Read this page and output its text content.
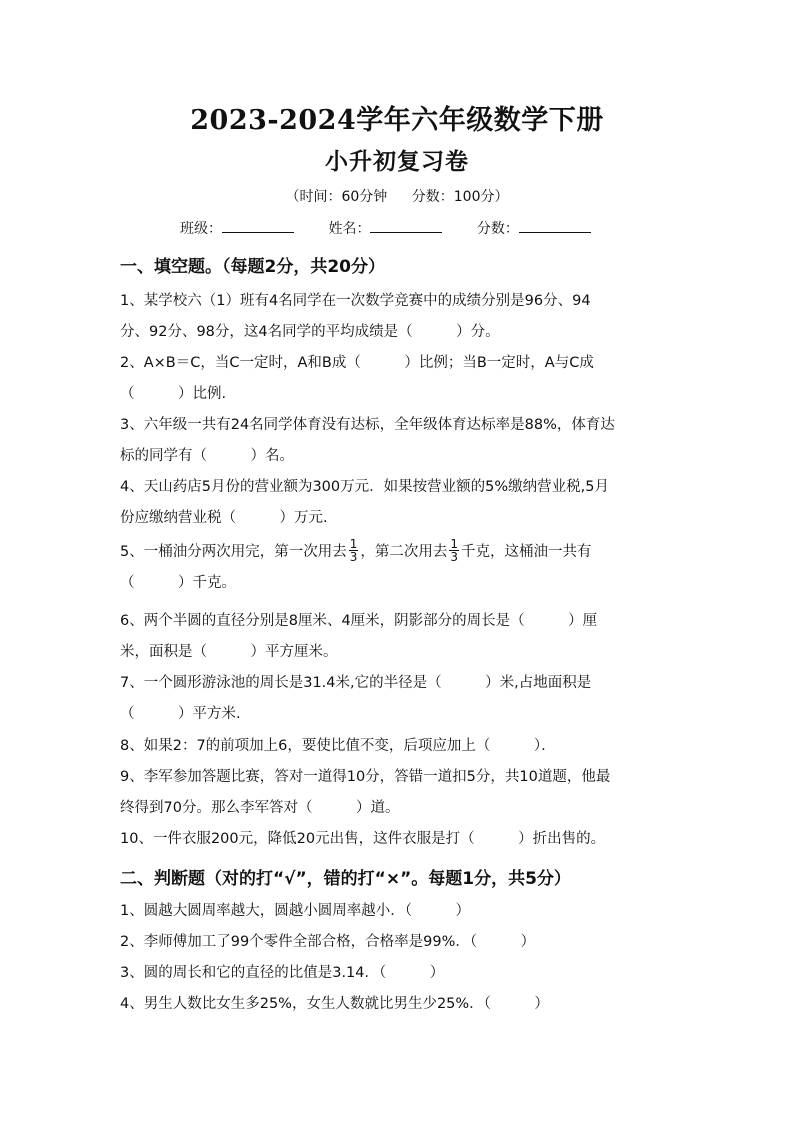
2023-2024学年六年级数学下册
小升初复习卷
（时间：60分钟 分数：100分）
班级：	姓名：	分数：
一、填空题。（每题2分，共20分）
1、某学校六（1）班有4名同学在一次数学竞赛中的成绩分别是96分、94
分、92分、98分，这4名同学的平均成绩是（　　　）分。
2、A×B＝C，当C一定时，A和B成（　　　）比例；当B一定时，A与C成
（　　　）比例.
3、六年级一共有24名同学体育没有达标，全年级体育达标率是88%，体育达
标的同学有（　　　）名。
4、天山药店5月份的营业额为300万元．如果按营业额的5%缴纳营业税,5月
份应缴纳营业税（　　　）万元.
5、一桶油分两次用完，第一次用去 $\frac{1}{3}$ ，第二次用去 $\frac{1}{3}$ 千克，这桶油一共有
（　　　）千克。
6、两个半圆的直径分别是8厘米、4厘米，阴影部分的周长是（　　　）厘
米，面积是（　　　）平方厘米。
7、一个圆形游泳池的周长是31.4米,它的半径是（　　　）米,占地面积是
（　　　）平方米.
8、如果2：7的前项加上6，要使比值不变，后项应加上（　　　）．
9、李军参加答题比赛，答对一道得10分，答错一道扣5分，共10道题，他最
终得到70分。那么李军答对（　　　）道。
10、一件衣服200元，降低20元出售，这件衣服是打（　　　）折出售的。
二、判断题（对的打“√”，错的打“×”。每题1分，共5分）
1、圆越大圆周率越大，圆越小圆周率越小．（　　　）
2、李师傅加工了99个零件全部合格，合格率是99%．（　　　）
3、圆的周长和它的直径的比值是3.14．（　　　）
4、男生人数比女生多25%，女生人数就比男生少25%．（　　　）
